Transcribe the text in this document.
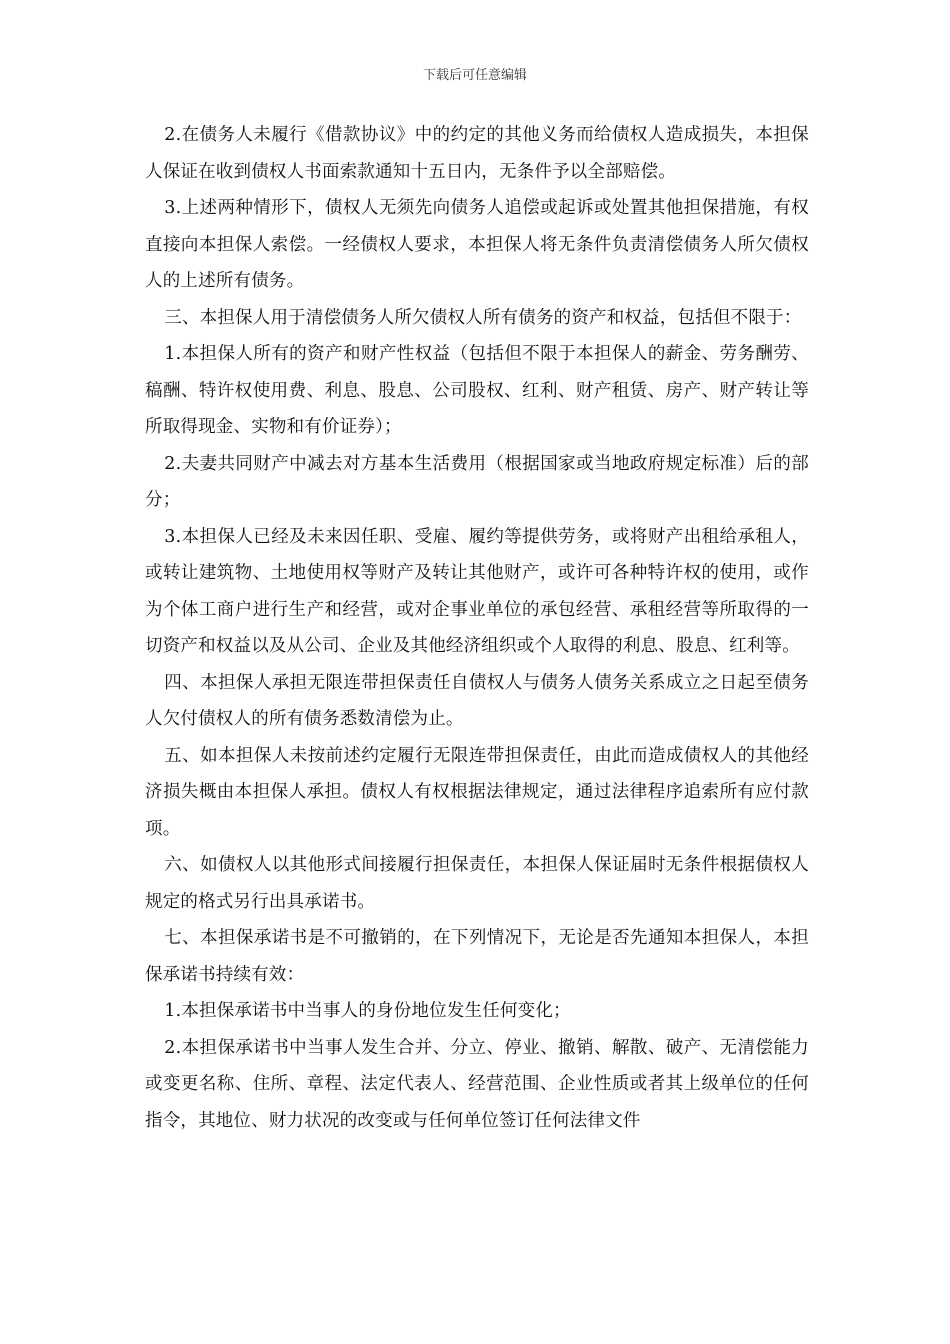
下载后可任意编辑

2.在债务人未履行《借款协议》中的约定的其他义务而给债权人造成损失，本担保人保证在收到债权人书面索款通知十五日内，无条件予以全部赔偿。

3.上述两种情形下，债权人无须先向债务人追偿或起诉或处置其他担保措施，有权直接向本担保人索偿。一经债权人要求，本担保人将无条件负责清偿债务人所欠债权人的上述所有债务。

三、本担保人用于清偿债务人所欠债权人所有债务的资产和权益，包括但不限于：

1.本担保人所有的资产和财产性权益（包括但不限于本担保人的薪金、劳务酬劳、稿酬、特许权使用费、利息、股息、公司股权、红利、财产租赁、房产、财产转让等所取得现金、实物和有价证券）；

2.夫妻共同财产中减去对方基本生活费用（根据国家或当地政府规定标准）后的部分；

3.本担保人已经及未来因任职、受雇、履约等提供劳务，或将财产出租给承租人，或转让建筑物、土地使用权等财产及转让其他财产，或许可各种特许权的使用，或作为个体工商户进行生产和经营，或对企事业单位的承包经营、承租经营等所取得的一切资产和权益以及从公司、企业及其他经济组织或个人取得的利息、股息、红利等。

四、本担保人承担无限连带担保责任自债权人与债务人债务关系成立之日起至债务人欠付债权人的所有债务悉数清偿为止。

五、如本担保人未按前述约定履行无限连带担保责任，由此而造成债权人的其他经济损失概由本担保人承担。债权人有权根据法律规定，通过法律程序追索所有应付款项。

六、如债权人以其他形式间接履行担保责任，本担保人保证届时无条件根据债权人规定的格式另行出具承诺书。

七、本担保承诺书是不可撤销的，在下列情况下，无论是否先通知本担保人，本担保承诺书持续有效：

1.本担保承诺书中当事人的身份地位发生任何变化；

2.本担保承诺书中当事人发生合并、分立、停业、撤销、解散、破产、无清偿能力或变更名称、住所、章程、法定代表人、经营范围、企业性质或者其上级单位的任何指令，其地位、财力状况的改变或与任何单位签订任何法律文件
